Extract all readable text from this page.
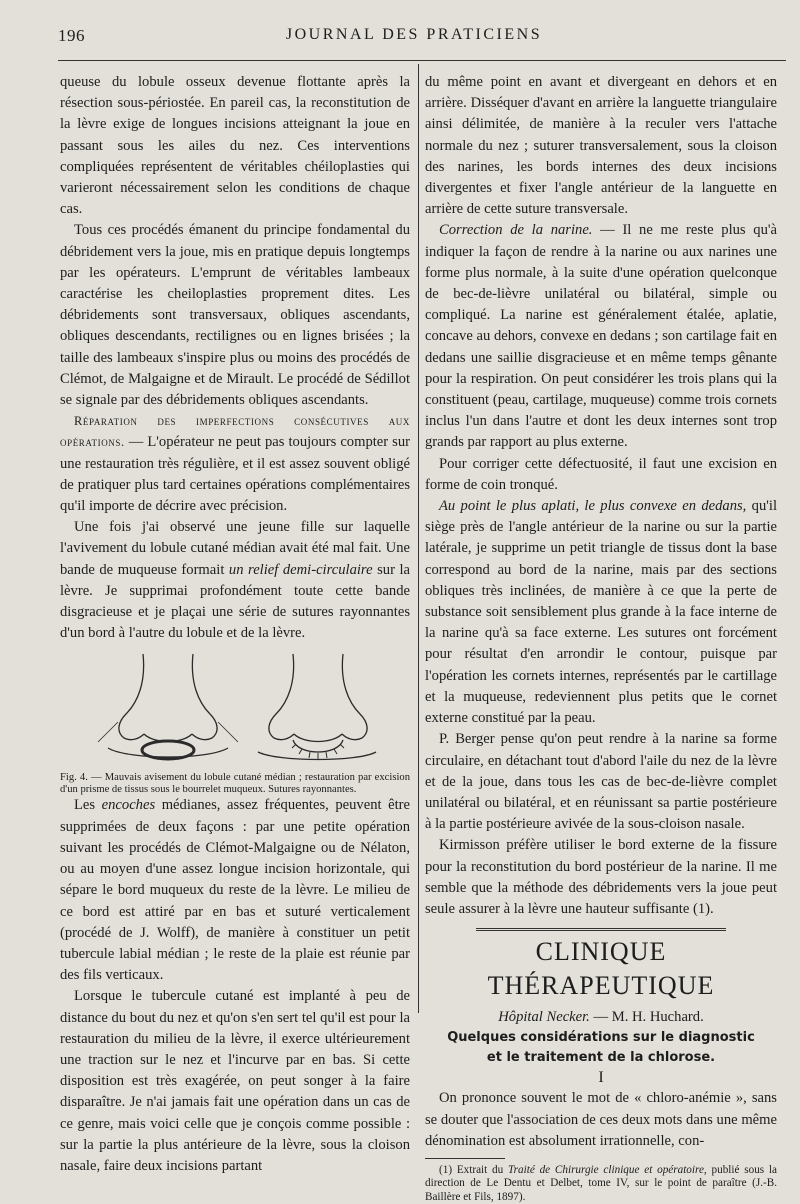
196	JOURNAL DES PRATICIENS

queuse du lobule osseux devenue flottante après la résection sous-périostée. En pareil cas, la reconstitution de la lèvre exige de longues incisions atteignant la joue en passant sous les ailes du nez. Ces interventions compliquées représentent de véritables chéiloplasties qui varieront nécessairement selon les conditions de chaque cas.

Tous ces procédés émanent du principe fondamental du débridement vers la joue, mis en pratique depuis longtemps par les opérateurs. L'emprunt de véritables lambeaux caractérise les cheiloplasties proprement dites. Les débridements sont transversaux, obliques ascendants, obliques descendants, rectilignes ou en lignes brisées ; la taille des lambeaux s'inspire plus ou moins des procédés de Clémot, de Malgaigne et de Mirault. Le procédé de Sédillot se signale par des débridements obliques ascendants.

Réparation des imperfections consécutives aux opérations. — L'opérateur ne peut pas toujours compter sur une restauration très régulière, et il est assez souvent obligé de pratiquer plus tard certaines opérations complémentaires qu'il importe de décrire avec précision.

Une fois j'ai observé une jeune fille sur laquelle l'avivement du lobule cutané médian avait été mal fait. Une bande de muqueuse formait un relief demi-circulaire sur la lèvre. Je supprimai profondément toute cette bande disgracieuse et je plaçai une série de sutures rayonnantes d'un bord à l'autre du lobule et de la lèvre.

Fig. 4. — Mauvais avisement du lobule cutané médian ; restauration par excision d'un prisme de tissus sous le bourrelet muqueux. Sutures rayonnantes.

Les encoches médianes, assez fréquentes, peuvent être supprimées de deux façons : par une petite opération suivant les procédés de Clémot-Malgaigne ou de Nélaton, ou au moyen d'une assez longue incision horizontale, qui sépare le bord muqueux du reste de la lèvre. Le milieu de ce bord est attiré par en bas et suturé verticalement (procédé de J. Wolff), de manière à constituer un petit tubercule labial médian ; le reste de la plaie est réunie par des fils verticaux.

Lorsque le tubercule cutané est implanté à peu de distance du bout du nez et qu'on s'en sert tel qu'il est pour la restauration du milieu de la lèvre, il exerce ultérieurement une traction sur le nez et l'incurve par en bas. Si cette disposition est très exagérée, on peut songer à la faire disparaître. Je n'ai jamais fait une opération dans un cas de ce genre, mais voici celle que je conçois comme possible : sur la partie la plus antérieure de la lèvre, sous la cloison nasale, faire deux incisions partant

du même point en avant et divergeant en dehors et en arrière. Disséquer d'avant en arrière la languette triangulaire ainsi délimitée, de manière à la reculer vers l'attache normale du nez ; suturer transversalement, sous la cloison des narines, les bords internes des deux incisions divergentes et fixer l'angle antérieur de la languette en arrière de cette suture transversale.

Correction de la narine. — Il ne me reste plus qu'à indiquer la façon de rendre à la narine ou aux narines une forme plus normale, à la suite d'une opération quelconque de bec-de-lièvre unilatéral ou bilatéral, simple ou compliqué. La narine est généralement étalée, aplatie, concave au dehors, convexe en dedans ; son cartilage fait en dedans une saillie disgracieuse et en même temps gênante pour la respiration. On peut considérer les trois plans qui la constituent (peau, cartilage, muqueuse) comme trois cornets inclus l'un dans l'autre et dont les deux internes sont trop grands par rapport au plus externe.

Pour corriger cette défectuosité, il faut une excision en forme de coin tronqué.

Au point le plus aplati, le plus convexe en dedans, qu'il siège près de l'angle antérieur de la narine ou sur la partie latérale, je supprime un petit triangle de tissus dont la base correspond au bord de la narine, mais par des sections obliques très inclinées, de manière à ce que la perte de substance soit sensiblement plus grande à la face interne de la narine qu'à sa face externe. Les sutures ont forcément pour résultat d'en arrondir le contour, puisque par l'opération les cornets internes, représentés par le cartillage et la muqueuse, redeviennent plus petits que le cornet externe constitué par la peau.

P. Berger pense qu'on peut rendre à la narine sa forme circulaire, en détachant tout d'abord l'aile du nez de la lèvre et de la joue, dans tous les cas de bec-de-lièvre complet unilatéral ou bilatéral, et en réunissant sa partie postérieure à la partie postérieure avivée de la sous-cloison nasale.

Kirmisson préfère utiliser le bord externe de la fissure pour la reconstitution du bord postérieur de la narine. Il me semble que la méthode des débridements vers la joue peut seule assurer à la lèvre une hauteur suffisante (1).

CLINIQUE THÉRAPEUTIQUE
Hôpital Necker. — M. H. Huchard.
Quelques considérations sur le diagnostic
et le traitement de la chlorose.
I

On prononce souvent le mot de « chloro-anémie », sans se douter que l'association de ces deux mots dans une même dénomination est absolument irrationnelle, con-

(1) Extrait du Traité de Chirurgie clinique et opératoire, publié sous la direction de Le Dentu et Delbet, tome IV, sur le point de paraître (J.-B. Baillère et Fils, 1897).
